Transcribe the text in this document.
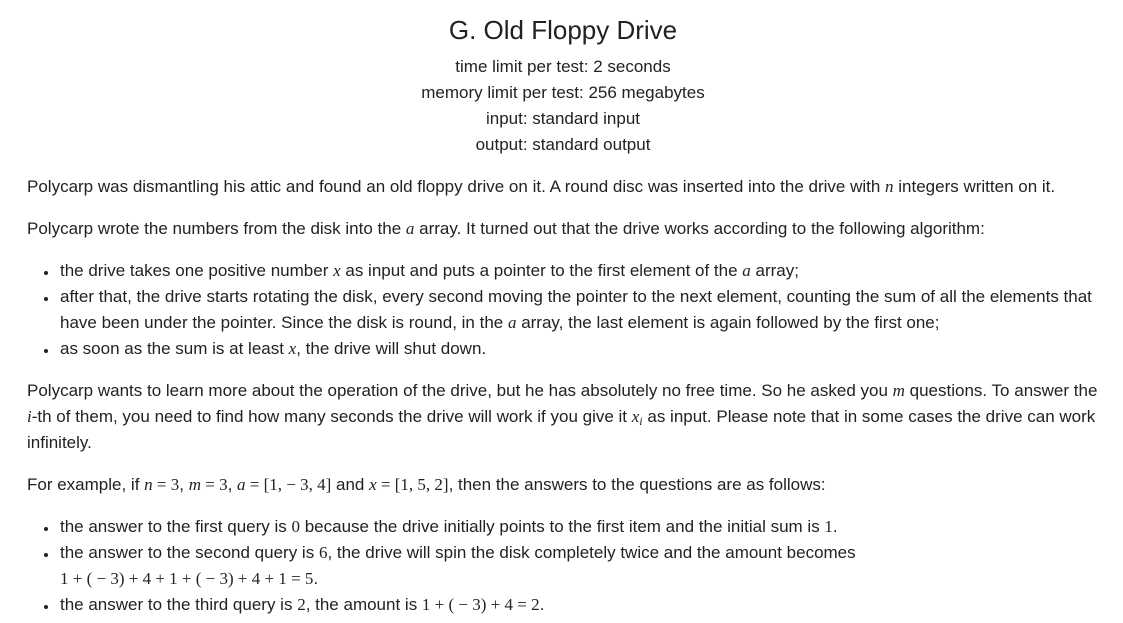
G. Old Floppy Drive
time limit per test: 2 seconds
memory limit per test: 256 megabytes
input: standard input
output: standard output

Polycarp was dismantling his attic and found an old floppy drive on it. A round disc was inserted into the drive with n integers written on it.

Polycarp wrote the numbers from the disk into the a array. It turned out that the drive works according to the following algorithm:

• the drive takes one positive number x as input and puts a pointer to the first element of the a array;
• after that, the drive starts rotating the disk, every second moving the pointer to the next element, counting the sum of all the elements that have been under the pointer. Since the disk is round, in the a array, the last element is again followed by the first one;
• as soon as the sum is at least x, the drive will shut down.

Polycarp wants to learn more about the operation of the drive, but he has absolutely no free time. So he asked you m questions. To answer the i-th of them, you need to find how many seconds the drive will work if you give it $x_i$ as input. Please note that in some cases the drive can work infinitely.

For example, if n = 3, m = 3, a = [1, − 3, 4] and x = [1, 5, 2], then the answers to the questions are as follows:

• the answer to the first query is 0 because the drive initially points to the first item and the initial sum is 1.
• the answer to the second query is 6, the drive will spin the disk completely twice and the amount becomes 1 + ( − 3) + 4 + 1 + ( − 3) + 4 + 1 = 5.
• the answer to the third query is 2, the amount is 1 + ( − 3) + 4 = 2.
